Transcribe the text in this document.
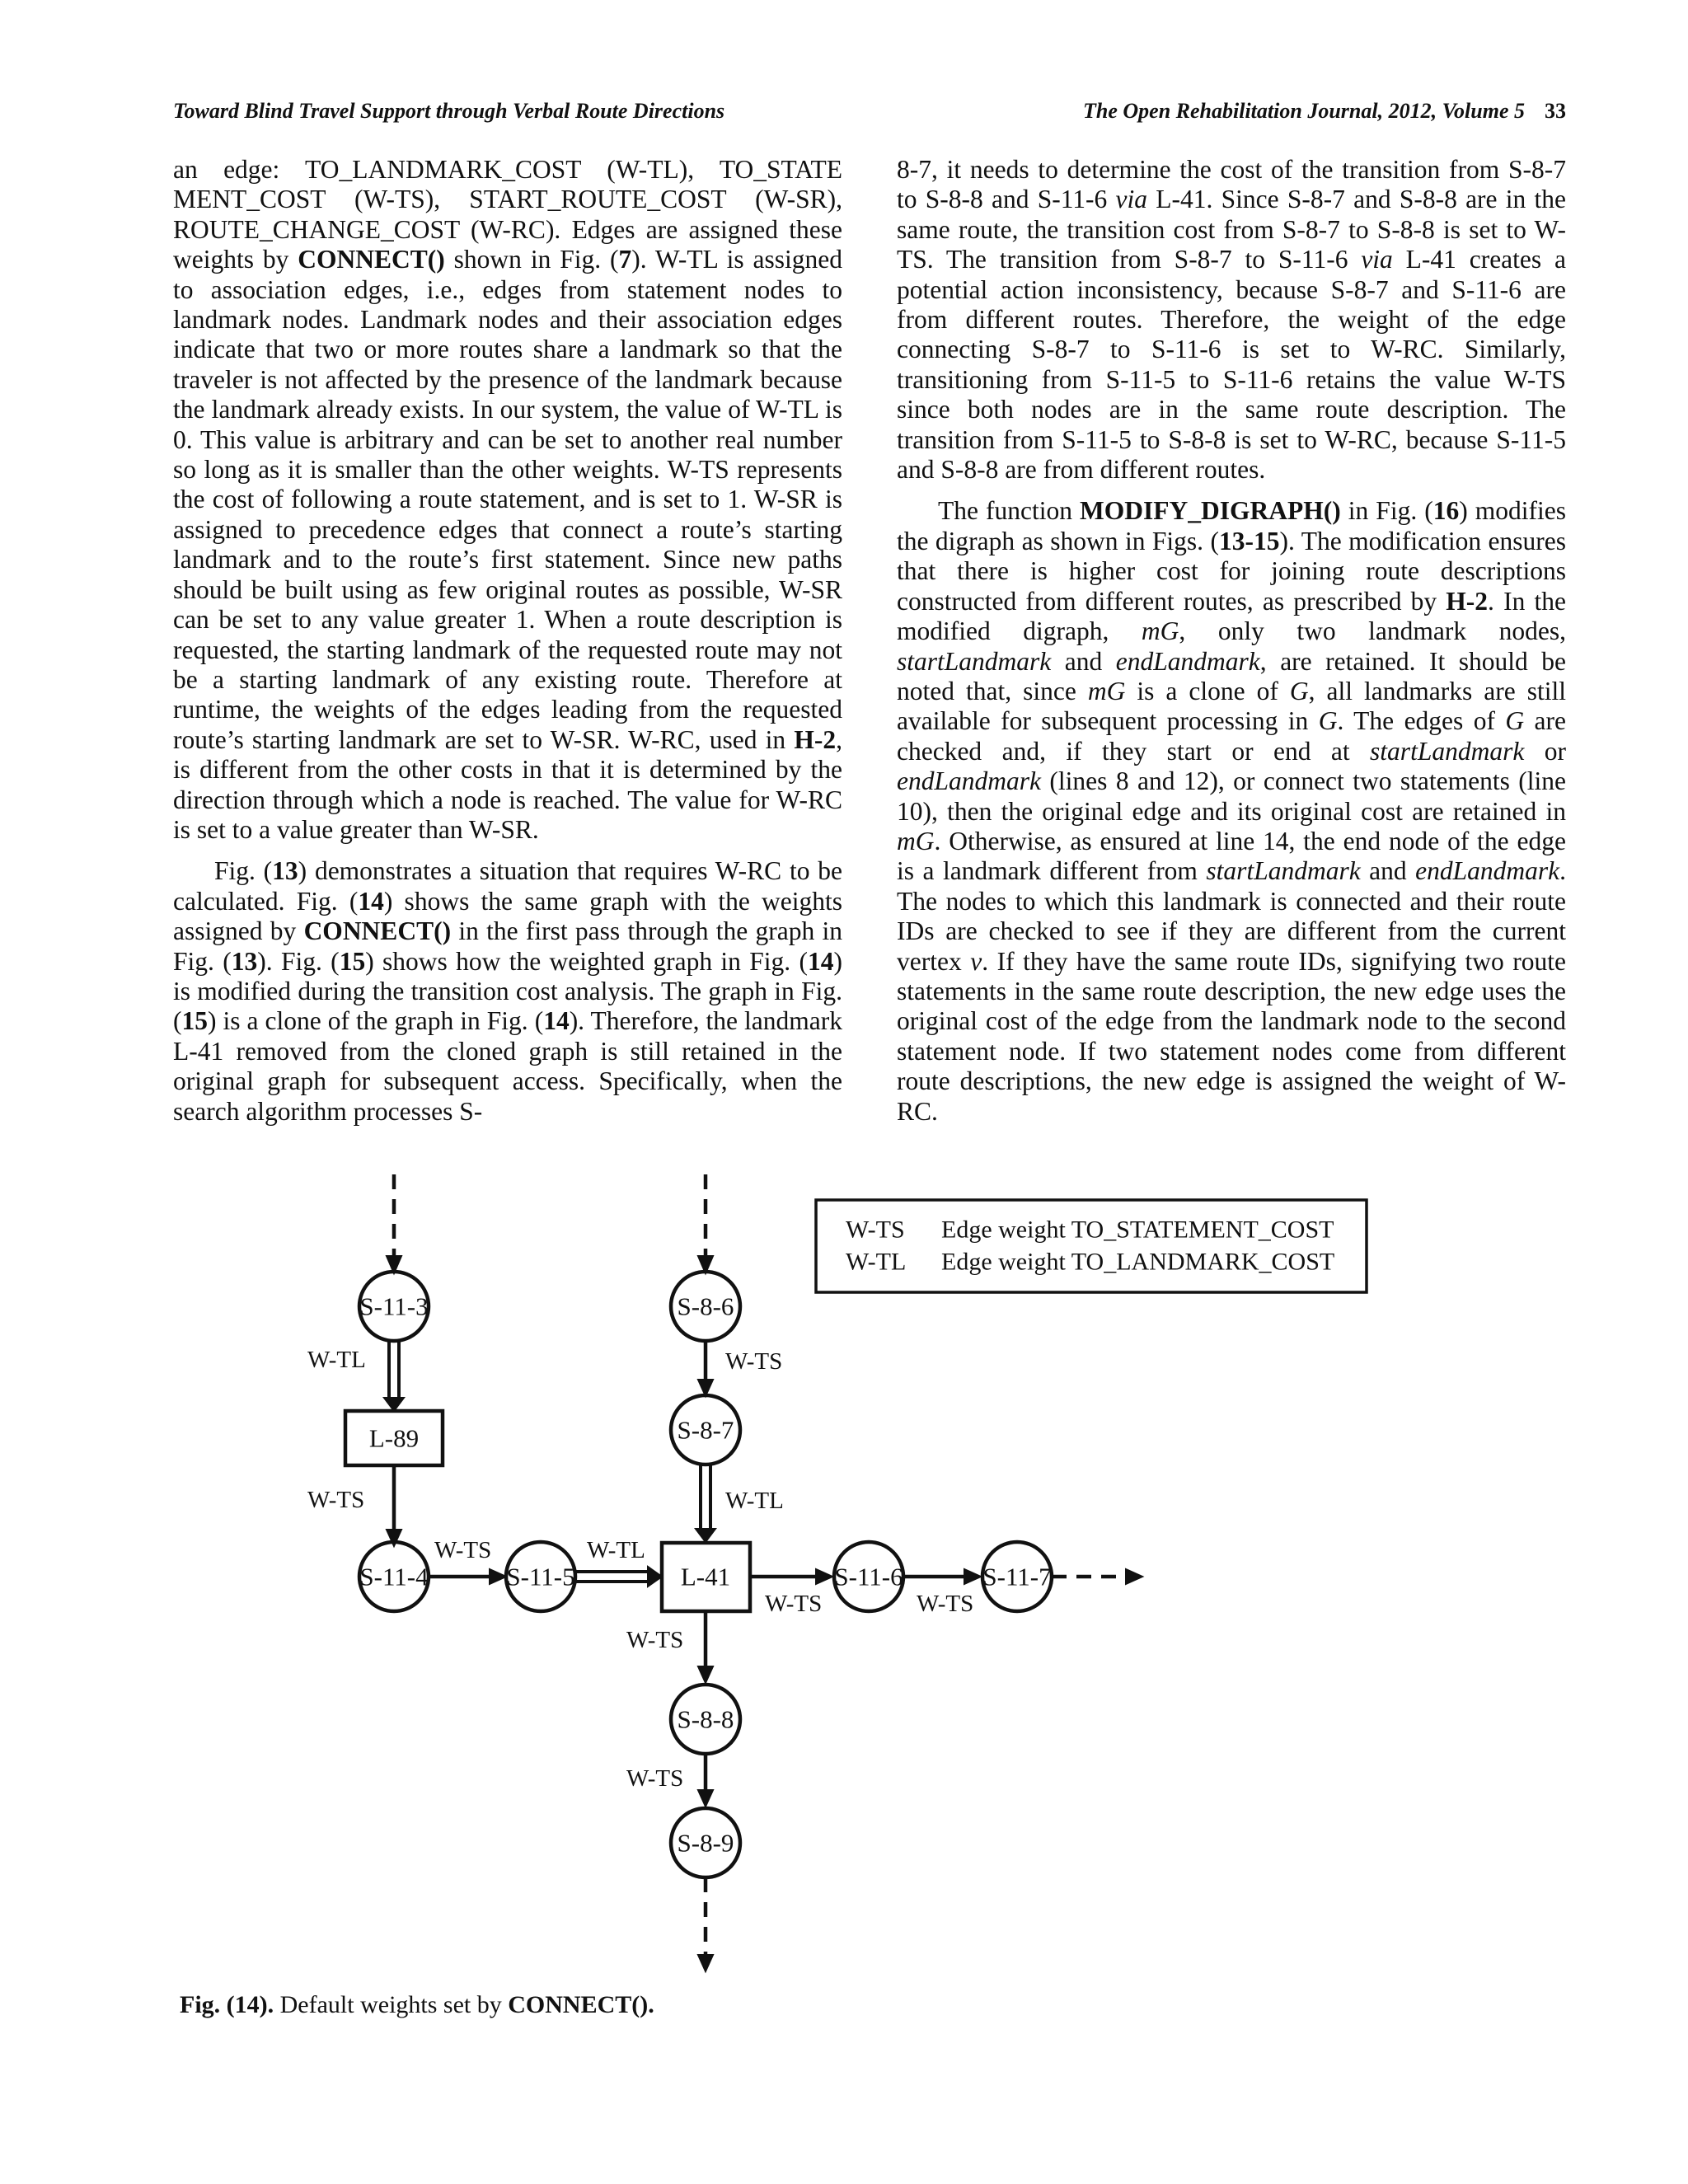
Toward Blind Travel Support through Verbal Route Directions	The Open Rehabilitation Journal, 2012, Volume 5 33

an edge: TO_LANDMARK_COST (W-TL), TO_STATE MENT_COST (W-TS), START_ROUTE_COST (W-SR), ROUTE_CHANGE_COST (W-RC). Edges are assigned these weights by CONNECT() shown in Fig. (7). W-TL is assigned to association edges, i.e., edges from statement nodes to landmark nodes. Landmark nodes and their association edges indicate that two or more routes share a landmark so that the traveler is not affected by the presence of the landmark because the landmark already exists. In our system, the value of W-TL is 0. This value is arbitrary and can be set to another real number so long as it is smaller than the other weights. W-TS represents the cost of following a route statement, and is set to 1. W-SR is assigned to precedence edges that connect a route’s starting landmark and to the route’s first statement. Since new paths should be built using as few original routes as possible, W-SR can be set to any value greater 1. When a route description is requested, the starting landmark of the requested route may not be a starting landmark of any existing route. Therefore at runtime, the weights of the edges leading from the requested route’s starting landmark are set to W-SR. W-RC, used in H-2, is different from the other costs in that it is determined by the direction through which a node is reached. The value for W-RC is set to a value greater than W-SR.

Fig. (13) demonstrates a situation that requires W-RC to be calculated. Fig. (14) shows the same graph with the weights assigned by CONNECT() in the first pass through the graph in Fig. (13). Fig. (15) shows how the weighted graph in Fig. (14) is modified during the transition cost analysis. The graph in Fig. (15) is a clone of the graph in Fig. (14). Therefore, the landmark L-41 removed from the cloned graph is still retained in the original graph for subsequent access. Specifically, when the search algorithm processes S-

8-7, it needs to determine the cost of the transition from S-8-7 to S-8-8 and S-11-6 via L-41. Since S-8-7 and S-8-8 are in the same route, the transition cost from S-8-7 to S-8-8 is set to W-TS. The transition from S-8-7 to S-11-6 via L-41 creates a potential action inconsistency, because S-8-7 and S-11-6 are from different routes. Therefore, the weight of the edge connecting S-8-7 to S-11-6 is set to W-RC. Similarly, transitioning from S-11-5 to S-11-6 retains the value W-TS since both nodes are in the same route description. The transition from S-11-5 to S-8-8 is set to W-RC, because S-11-5 and S-8-8 are from different routes.

The function MODIFY_DIGRAPH() in Fig. (16) modifies the digraph as shown in Figs. (13-15). The modification ensures that there is higher cost for joining route descriptions constructed from different routes, as prescribed by H-2. In the modified digraph, mG, only two landmark nodes, startLandmark and endLandmark, are retained. It should be noted that, since mG is a clone of G, all landmarks are still available for subsequent processing in G. The edges of G are checked and, if they start or end at startLandmark or endLandmark (lines 8 and 12), or connect two statements (line 10), then the original edge and its original cost are retained in mG. Otherwise, as ensured at line 14, the end node of the edge is a landmark different from startLandmark and endLandmark. The nodes to which this landmark is connected and their route IDs are checked to see if they are different from the current vertex v. If they have the same route IDs, signifying two route statements in the same route description, the new edge uses the original cost of the edge from the landmark node to the second statement node. If two statement nodes come from different route descriptions, the new edge is assigned the weight of W-RC.

S-11-3	S-8-6
S-8-7
L-89
S-11-4	S-11-5	L-41	S-11-6	S-11-7
S-8-8
S-8-9
W-TL	W-TS
W-TS	W-TL
W-TS	W-TL
W-TS	W-TS
W-TS
W-TS
W-TS Edge weight TO_STATEMENT_COST
W-TL Edge weight TO_LANDMARK_COST
Fig. (14). Default weights set by CONNECT().
